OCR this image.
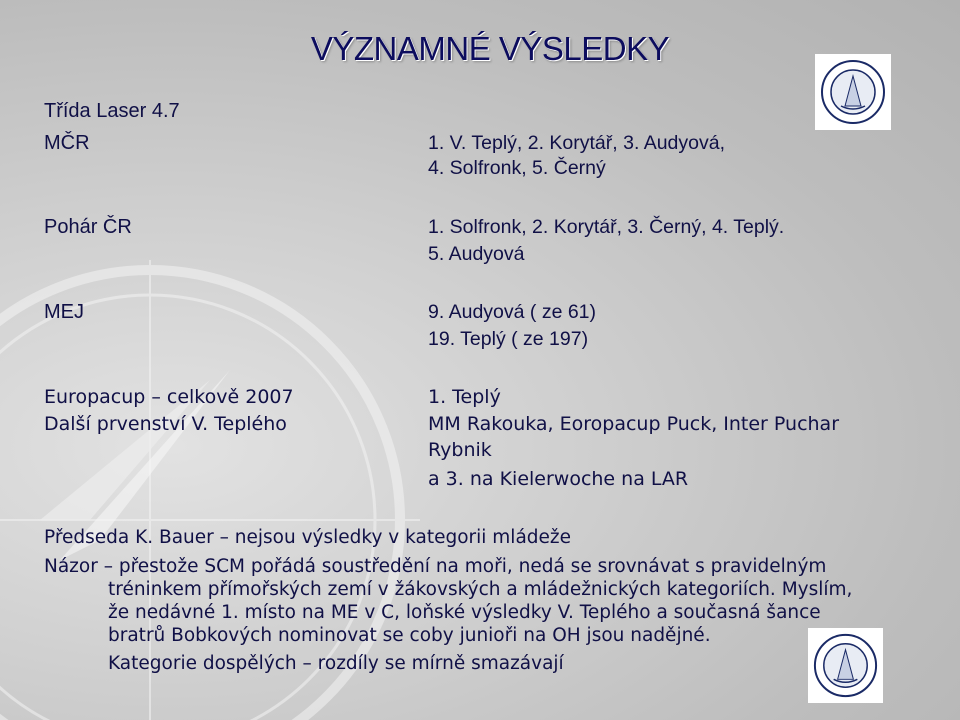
VÝZNAMNÉ VÝSLEDKY
Třída Laser 4.7
MČR	1. V. Teplý, 2. Korytář, 3. Audyová,
4. Solfronk, 5. Černý
Pohár ČR	1. Solfronk, 2. Korytář, 3. Černý, 4. Teplý.
5. Audyová
MEJ	9. Audyová ( ze 61)
19. Teplý ( ze 197)
Europacup – celkově 2007	1. Teplý
Další prvenství V. Teplého	MM Rakouka, Eoropacup Puck, Inter Puchar
Rybnik
a 3. na Kielerwoche na LAR
Předseda K. Bauer – nejsou výsledky v kategorii mládeže
Názor – přestože SCM pořádá soustředění na moři, nedá se srovnávat s pravidelným
tréninkem přímořských zemí v žákovských a mládežnických kategoriích. Myslím,
že nedávné 1. místo na ME v C, loňské výsledky V. Teplého a současná šance
bratrů Bobkových nominovat se coby junioři na OH jsou nadějné.
Kategorie dospělých – rozdíly se mírně smazávají
